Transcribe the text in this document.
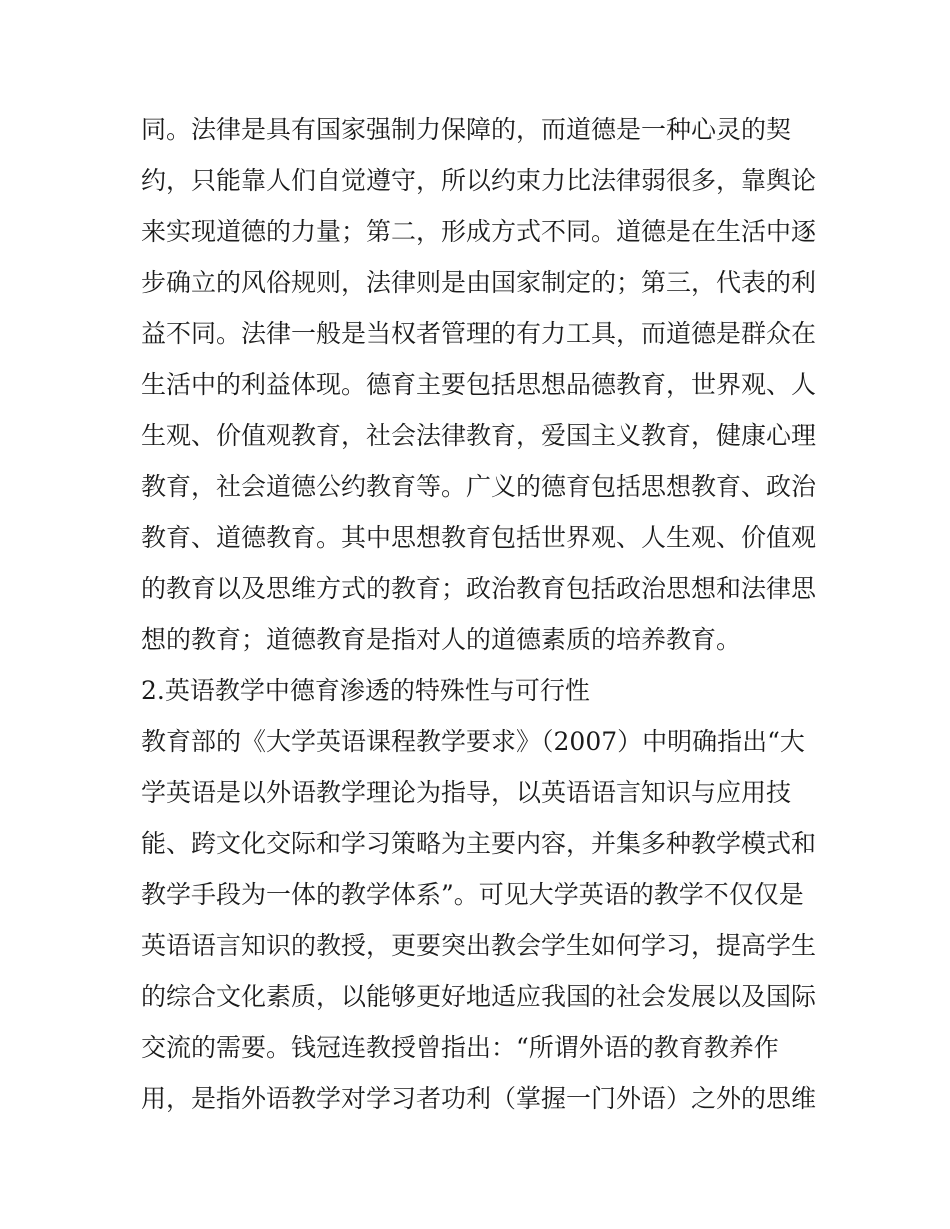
同。法律是具有国家强制力保障的，而道德是一种心灵的契
约，只能靠人们自觉遵守，所以约束力比法律弱很多，靠舆论
来实现道德的力量；第二，形成方式不同。道德是在生活中逐
步确立的风俗规则，法律则是由国家制定的；第三，代表的利
益不同。法律一般是当权者管理的有力工具，而道德是群众在
生活中的利益体现。德育主要包括思想品德教育，世界观、人
生观、价值观教育，社会法律教育，爱国主义教育，健康心理
教育，社会道德公约教育等。广义的德育包括思想教育、政治
教育、道德教育。其中思想教育包括世界观、人生观、价值观
的教育以及思维方式的教育；政治教育包括政治思想和法律思
想的教育；道德教育是指对人的道德素质的培养教育。
2.英语教学中德育渗透的特殊性与可行性
教育部的《大学英语课程教学要求》（2007）中明确指出“大
学英语是以外语教学理论为指导，以英语语言知识与应用技
能、跨文化交际和学习策略为主要内容，并集多种教学模式和
教学手段为一体的教学体系”。可见大学英语的教学不仅仅是
英语语言知识的教授，更要突出教会学生如何学习，提高学生
的综合文化素质，以能够更好地适应我国的社会发展以及国际
交流的需要。钱冠连教授曾指出：“所谓外语的教育教养作
用，是指外语教学对学习者功利（掌握一门外语）之外的思维
